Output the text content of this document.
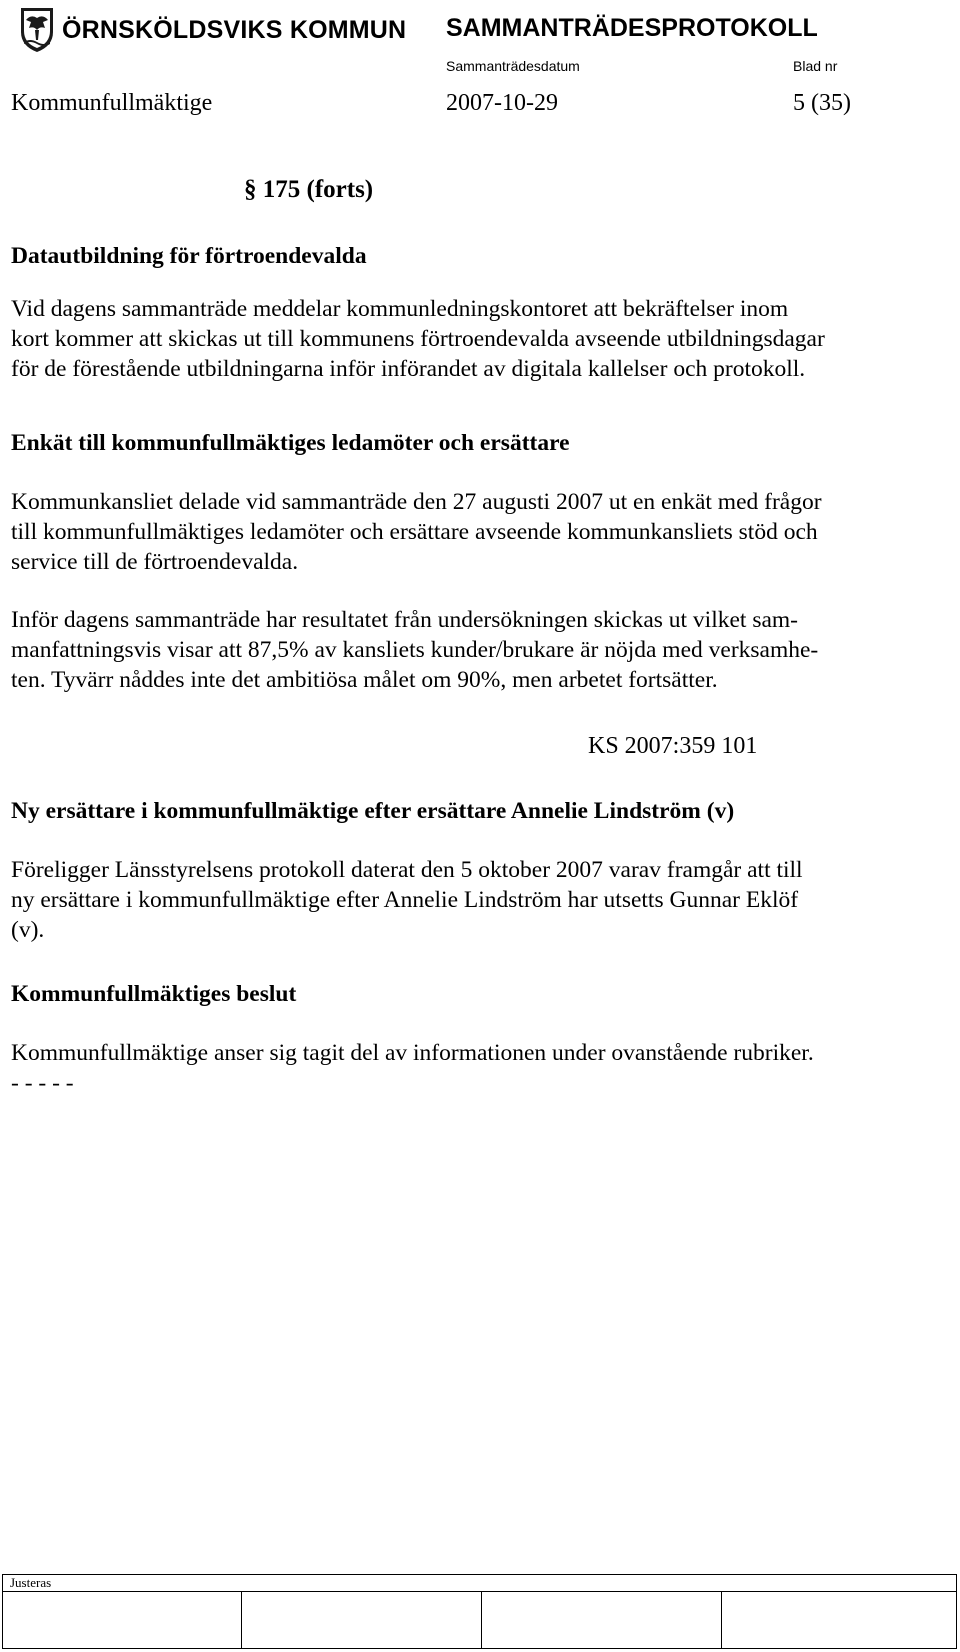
ÖRNSKÖLDSVIKS KOMMUN SAMMANTRÄDESPROTOKOLL
Sammanträdesdatum	Blad nr
Kommunfullmäktige	2007-10-29	5 (35)
§ 175 (forts)
Datautbildning för förtroendevalda
Vid dagens sammanträde meddelar kommunledningskontoret att bekräftelser inom
kort kommer att skickas ut till kommunens förtroendevalda avseende utbildningsdagar
för de förestående utbildningarna inför införandet av digitala kallelser och protokoll.
Enkät till kommunfullmäktiges ledamöter och ersättare
Kommunkansliet delade vid sammanträde den 27 augusti 2007 ut en enkät med frågor
till kommunfullmäktiges ledamöter och ersättare avseende kommunkansliets stöd och
service till de förtroendevalda.
Inför dagens sammanträde har resultatet från undersökningen skickas ut vilket sam-
manfattningsvis visar att 87,5% av kansliets kunder/brukare är nöjda med verksamhe-
ten. Tyvärr nåddes inte det ambitiösa målet om 90%, men arbetet fortsätter.
KS 2007:359 101
Ny ersättare i kommunfullmäktige efter ersättare Annelie Lindström (v)
Föreligger Länsstyrelsens protokoll daterat den 5 oktober 2007 varav framgår att till
ny ersättare i kommunfullmäktige efter Annelie Lindström har utsetts Gunnar Eklöf
(v).
Kommunfullmäktiges beslut
Kommunfullmäktige anser sig tagit del av informationen under ovanstående rubriker.
- - - - -
Justeras
